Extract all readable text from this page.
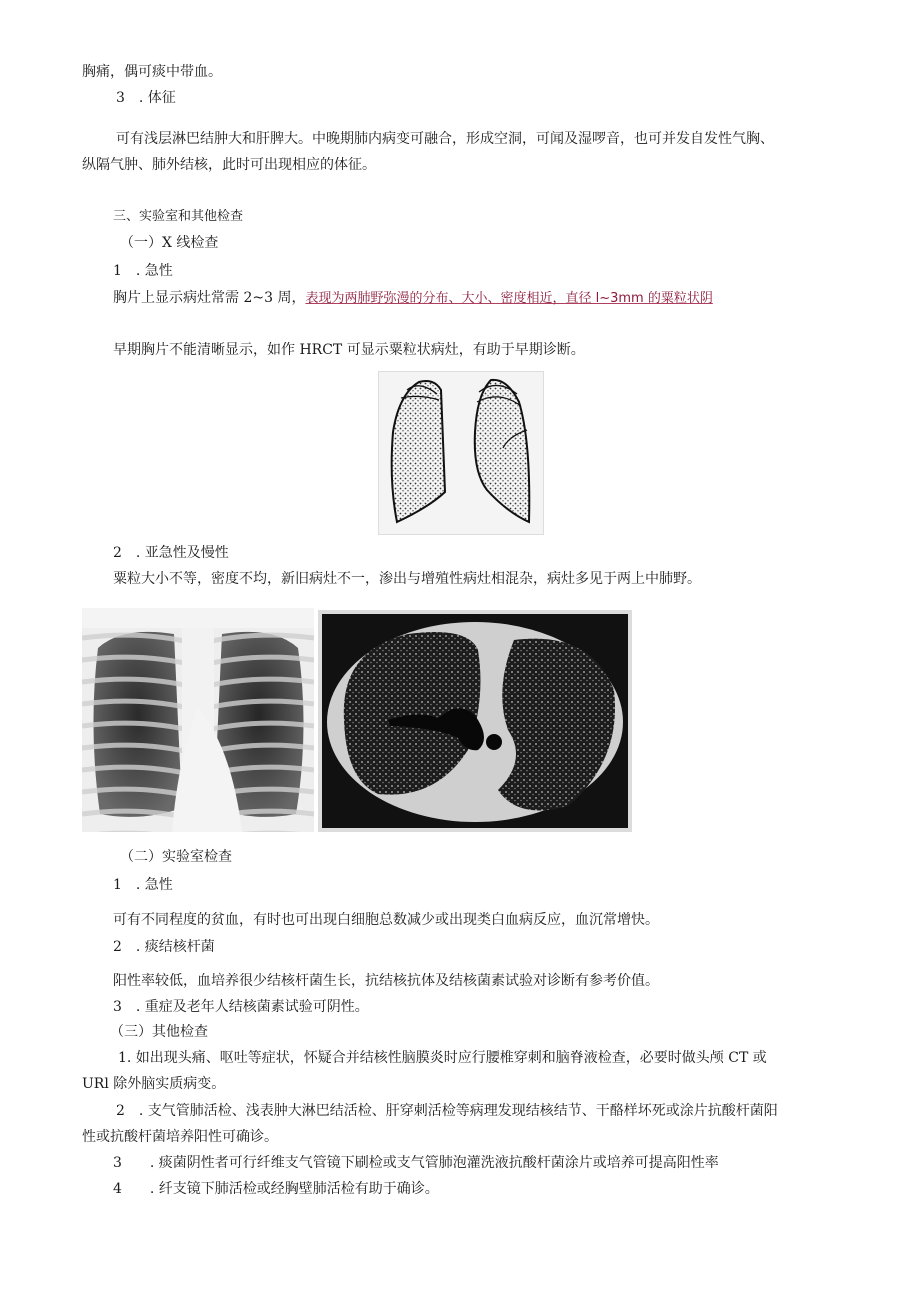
胸痛，偶可痰中带血。
3　. 体征
可有浅层淋巴结肿大和肝脾大。中晚期肺内病变可融合，形成空洞，可闻及湿啰音，也可并发自发性气胸、
纵隔气肿、肺外结核，此时可出现相应的体征。
三、实验室和其他检查
（一）X 线检查
1　. 急性
胸片上显示病灶常需 2~3 周，表现为两肺野弥漫的分布、大小、密度相近，直径 l~3mm 的粟粒状阴
早期胸片不能清晰显示，如作 HRCT 可显示粟粒状病灶，有助于早期诊断。
2　. 亚急性及慢性
粟粒大小不等，密度不均，新旧病灶不一，渗出与增殖性病灶相混杂，病灶多见于两上中肺野。
（二）实验室检查
1　. 急性
可有不同程度的贫血，有时也可出现白细胞总数减少或出现类白血病反应，血沉常增快。
2　. 痰结核杆菌
阳性率较低，血培养很少结核杆菌生长，抗结核抗体及结核菌素试验对诊断有参考价值。
3　. 重症及老年人结核菌素试验可阴性。
（三）其他检查
1. 如出现头痛、呕吐等症状，怀疑合并结核性脑膜炎时应行腰椎穿刺和脑脊液检查，必要时做头颅 CT 或
URl 除外脑实质病变。
2　. 支气管肺活检、浅表肿大淋巴结活检、肝穿刺活检等病理发现结核结节、干酪样坏死或涂片抗酸杆菌阳
性或抗酸杆菌培养阳性可确诊。
3　　. 痰菌阴性者可行纤维支气管镜下刷检或支气管肺泡灌洗液抗酸杆菌涂片或培养可提高阳性率
4　　. 纤支镜下肺活检或经胸壁肺活检有助于确诊。
